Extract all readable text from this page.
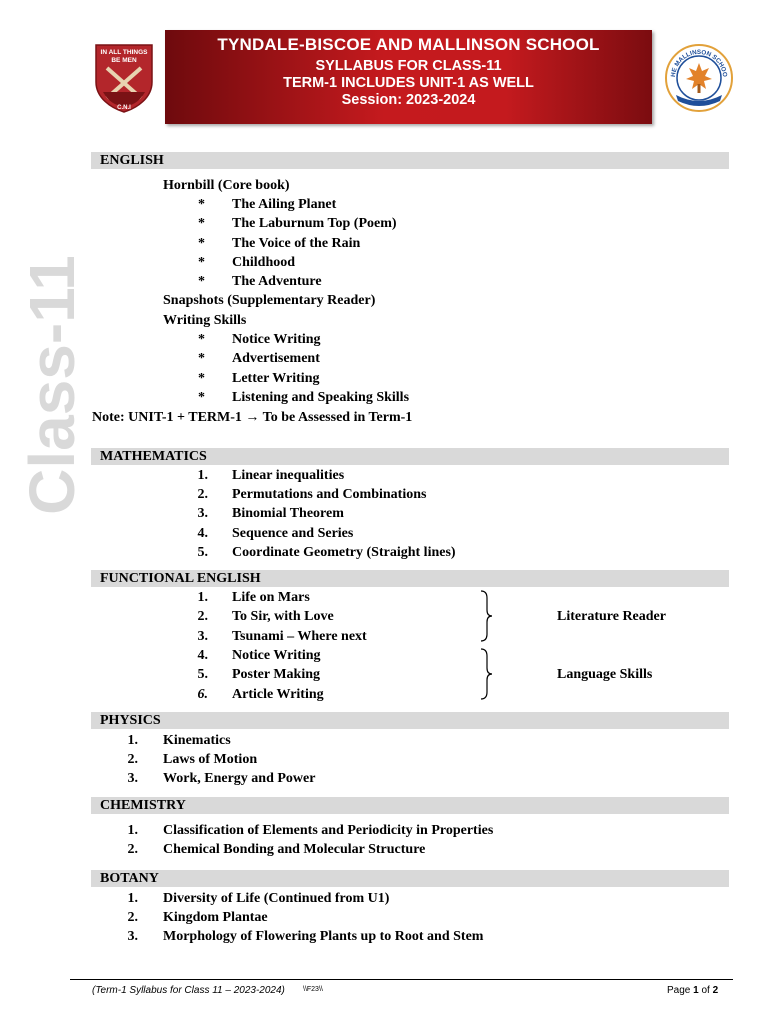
IN ALL THINGS
BE MEN
C.N.I
TYNDALE-BISCOE AND MALLINSON SCHOOL
SYLLABUS FOR CLASS-11
TERM-1 INCLUDES UNIT-1 AS WELL
Session: 2023-2024
HE MALLINSON SCHOO
Class-11
ENGLISH
Hornbill (Core book)
* The Ailing Planet
* The Laburnum Top (Poem)
* The Voice of the Rain
* Childhood
* The Adventure
Snapshots (Supplementary Reader)
Writing Skills
* Notice Writing
* Advertisement
* Letter Writing
* Listening and Speaking Skills
Note: UNIT-1 + TERM-1 → To be Assessed in Term-1
MATHEMATICS
1. Linear inequalities
2. Permutations and Combinations
3. Binomial Theorem
4. Sequence and Series
5. Coordinate Geometry (Straight lines)
FUNCTIONAL ENGLISH
1. Life on Mars
2. To Sir, with Love
3. Tsunami – Where next
4. Notice Writing
5. Poster Making
6. Article Writing
Literature Reader
Language Skills
PHYSICS
1. Kinematics
2. Laws of Motion
3. Work, Energy and Power
CHEMISTRY
1. Classification of Elements and Periodicity in Properties
2. Chemical Bonding and Molecular Structure
BOTANY
1. Diversity of Life (Continued from U1)
2. Kingdom Plantae
3. Morphology of Flowering Plants up to Root and Stem
(Term-1 Syllabus for Class 11 – 2023-2024)	\\F23\\	Page 1 of 2
